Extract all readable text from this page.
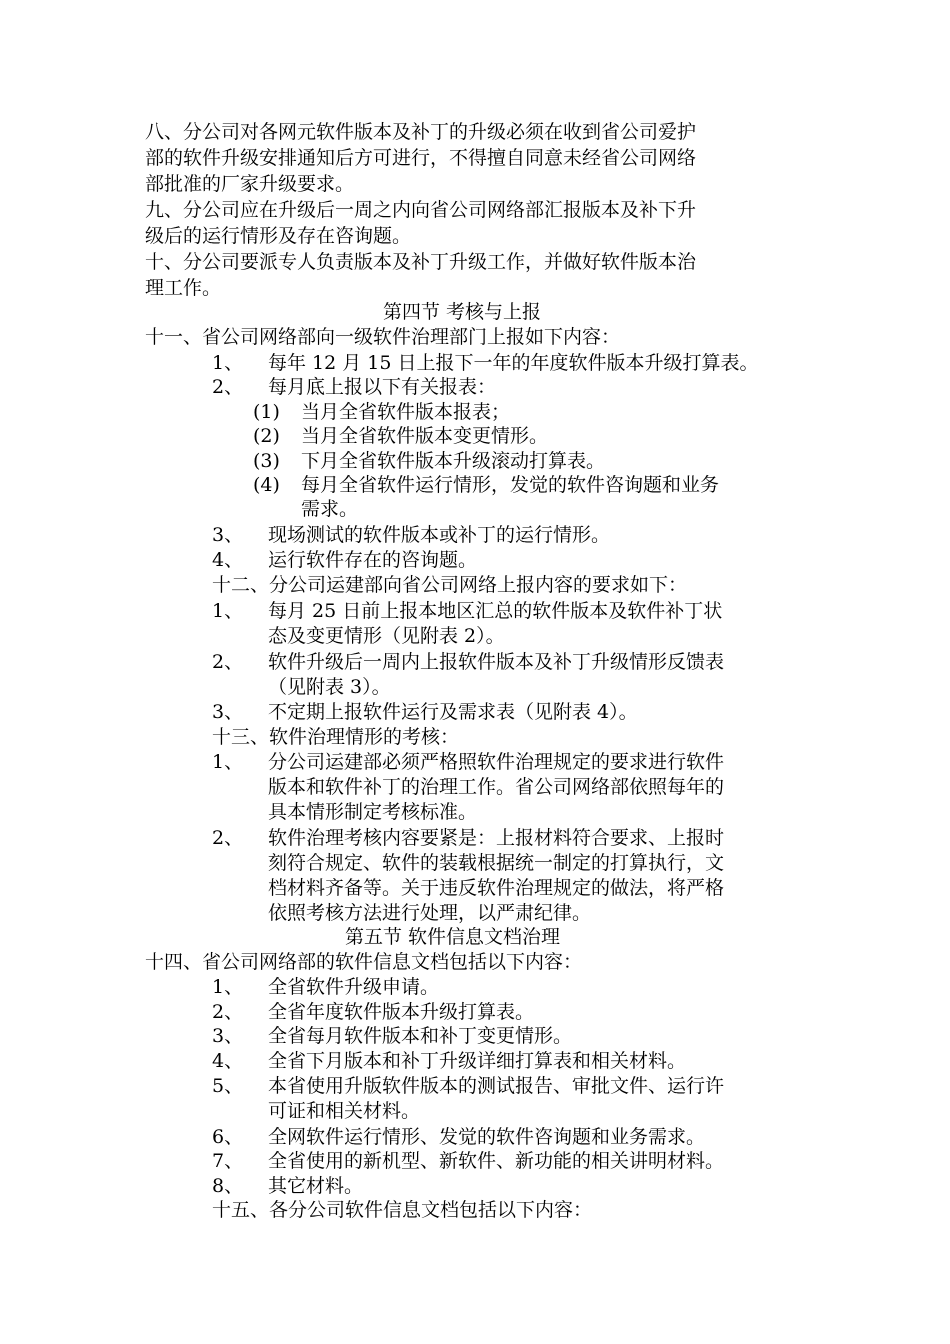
八、分公司对各网元软件版本及补丁的升级必须在收到省公司爱护
部的软件升级安排通知后方可进行，不得擅自同意未经省公司网络
部批准的厂家升级要求。
九、分公司应在升级后一周之内向省公司网络部汇报版本及补下升
级后的运行情形及存在咨询题。
十、分公司要派专人负责版本及补丁升级工作，并做好软件版本治
理工作。
第四节 考核与上报
十一、省公司网络部向一级软件治理部门上报如下内容：
1、 每年 12 月 15 日上报下一年的年度软件版本升级打算表。
2、 每月底上报以下有关报表：
(1) 当月全省软件版本报表；
(2) 当月全省软件版本变更情形。
(3) 下月全省软件版本升级滚动打算表。
(4) 每月全省软件运行情形，发觉的软件咨询题和业务
需求。
3、 现场测试的软件版本或补丁的运行情形。
4、 运行软件存在的咨询题。
十二、分公司运建部向省公司网络上报内容的要求如下：
1、 每月 25 日前上报本地区汇总的软件版本及软件补丁状
态及变更情形（见附表 2）。
2、 软件升级后一周内上报软件版本及补丁升级情形反馈表
（见附表 3）。
3、 不定期上报软件运行及需求表（见附表 4）。
十三、软件治理情形的考核：
1、 分公司运建部必须严格照软件治理规定的要求进行软件
版本和软件补丁的治理工作。省公司网络部依照每年的
具本情形制定考核标准。
2、 软件治理考核内容要紧是：上报材料符合要求、上报时
刻符合规定、软件的装载根据统一制定的打算执行，文
档材料齐备等。关于违反软件治理规定的做法，将严格
依照考核方法进行处理，以严肃纪律。
第五节 软件信息文档治理
十四、省公司网络部的软件信息文档包括以下内容：
1、 全省软件升级申请。
2、 全省年度软件版本升级打算表。
3、 全省每月软件版本和补丁变更情形。
4、 全省下月版本和补丁升级详细打算表和相关材料。
5、 本省使用升版软件版本的测试报告、审批文件、运行许
可证和相关材料。
6、 全网软件运行情形、发觉的软件咨询题和业务需求。
7、 全省使用的新机型、新软件、新功能的相关讲明材料。
8、 其它材料。
十五、各分公司软件信息文档包括以下内容：
